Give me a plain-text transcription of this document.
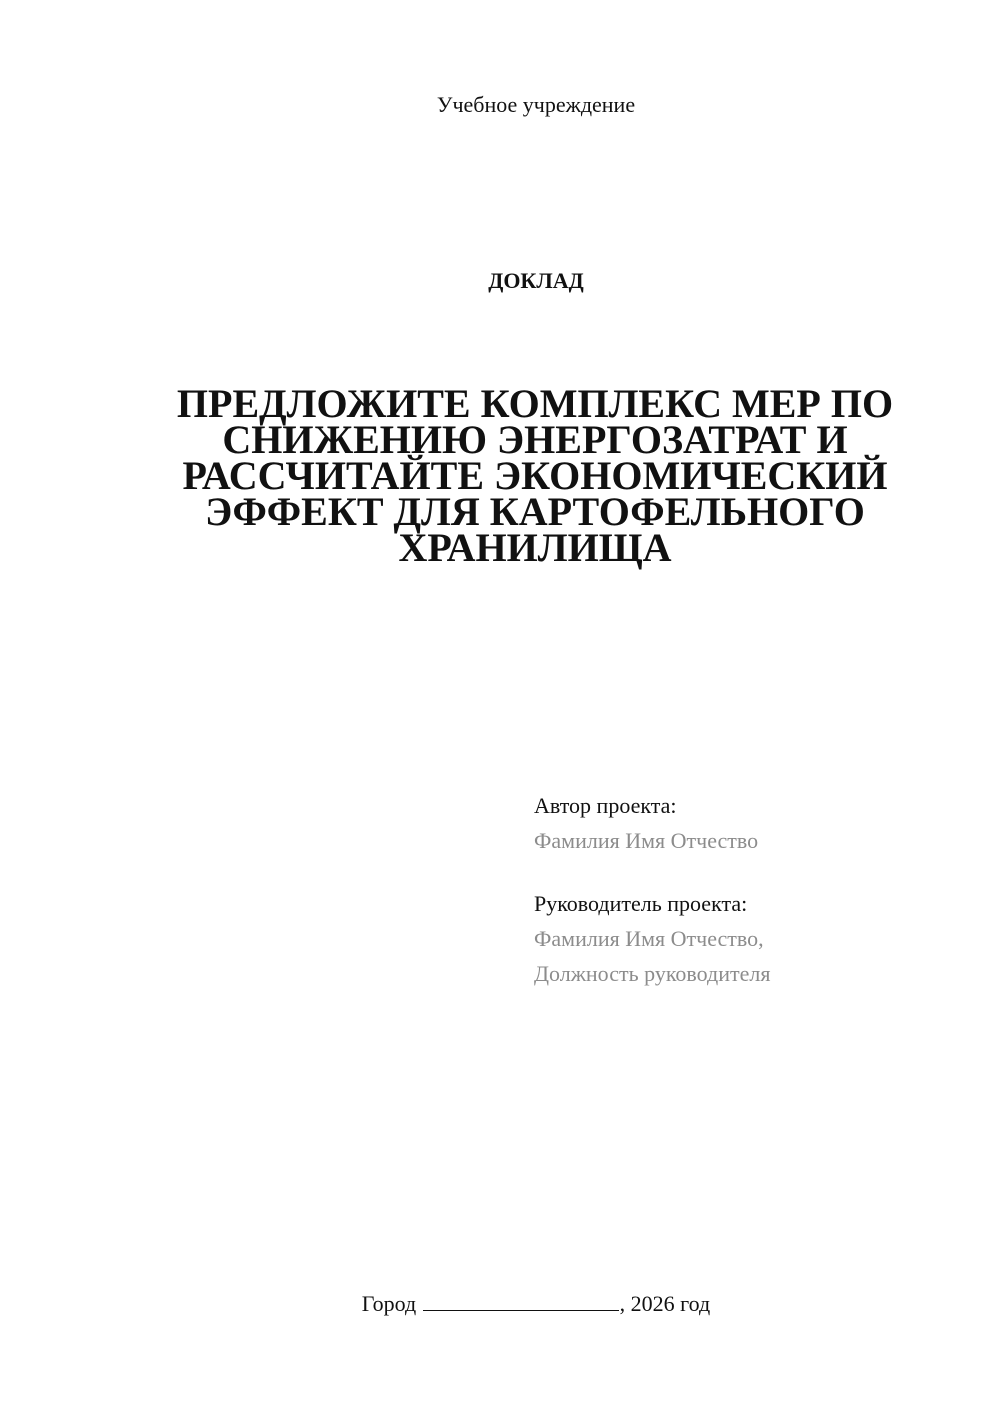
Учебное учреждение
ДОКЛАД
ПРЕДЛОЖИТЕ КОМПЛЕКС МЕР ПО
СНИЖЕНИЮ ЭНЕРГОЗАТРАТ И
РАССЧИТАЙТЕ ЭКОНОМИЧЕСКИЙ
ЭФФЕКТ ДЛЯ КАРТОФЕЛЬНОГО
ХРАНИЛИЩА
Автор проекта:
Фамилия Имя Отчество
Руководитель проекта:
Фамилия Имя Отчество,
Должность руководителя
Город	, 2026 год
